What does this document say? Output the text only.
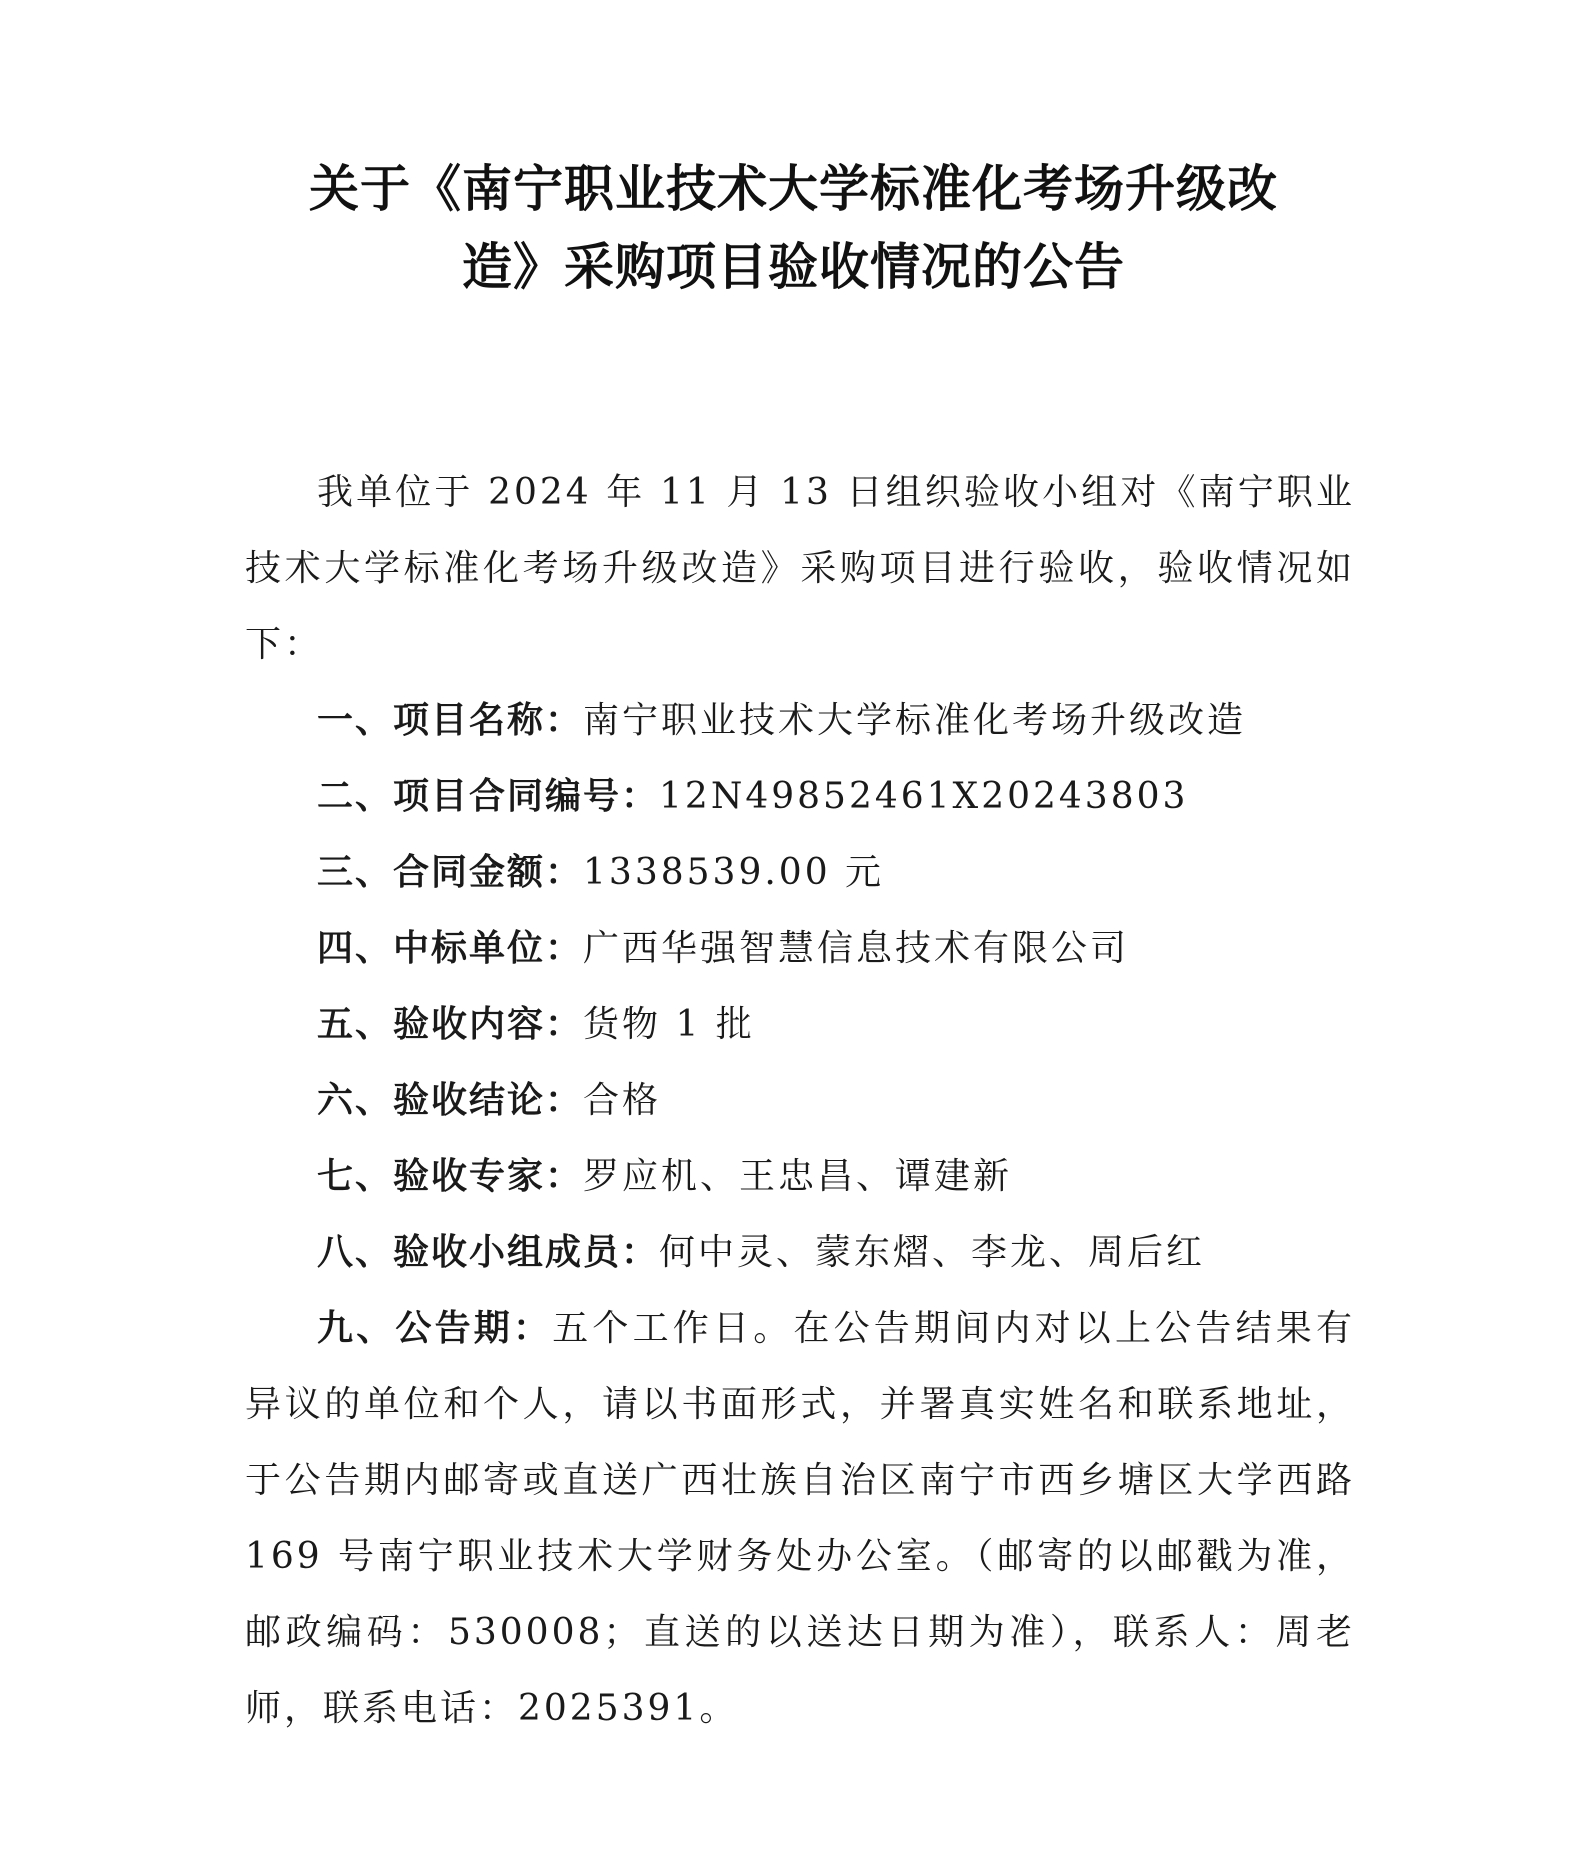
关于《南宁职业技术大学标准化考场升级改
造》采购项目验收情况的公告

我单位于 2024 年 11 月 13 日组织验收小组对《南宁职业技术大学标准化考场升级改造》采购项目进行验收，验收情况如下：

一、项目名称：南宁职业技术大学标准化考场升级改造

二、项目合同编号：12N49852461X20243803

三、合同金额：1338539.00 元

四、中标单位：广西华强智慧信息技术有限公司

五、验收内容：货物 1 批

六、验收结论：合格

七、验收专家：罗应机、王忠昌、谭建新

八、验收小组成员：何中灵、蒙东熠、李龙、周后红

九、公告期：五个工作日。在公告期间内对以上公告结果有异议的单位和个人，请以书面形式，并署真实姓名和联系地址，于公告期内邮寄或直送广西壮族自治区南宁市西乡塘区大学西路 169 号南宁职业技术大学财务处办公室。（邮寄的以邮戳为准，邮政编码：530008；直送的以送达日期为准），联系人：周老师，联系电话：2025391。
